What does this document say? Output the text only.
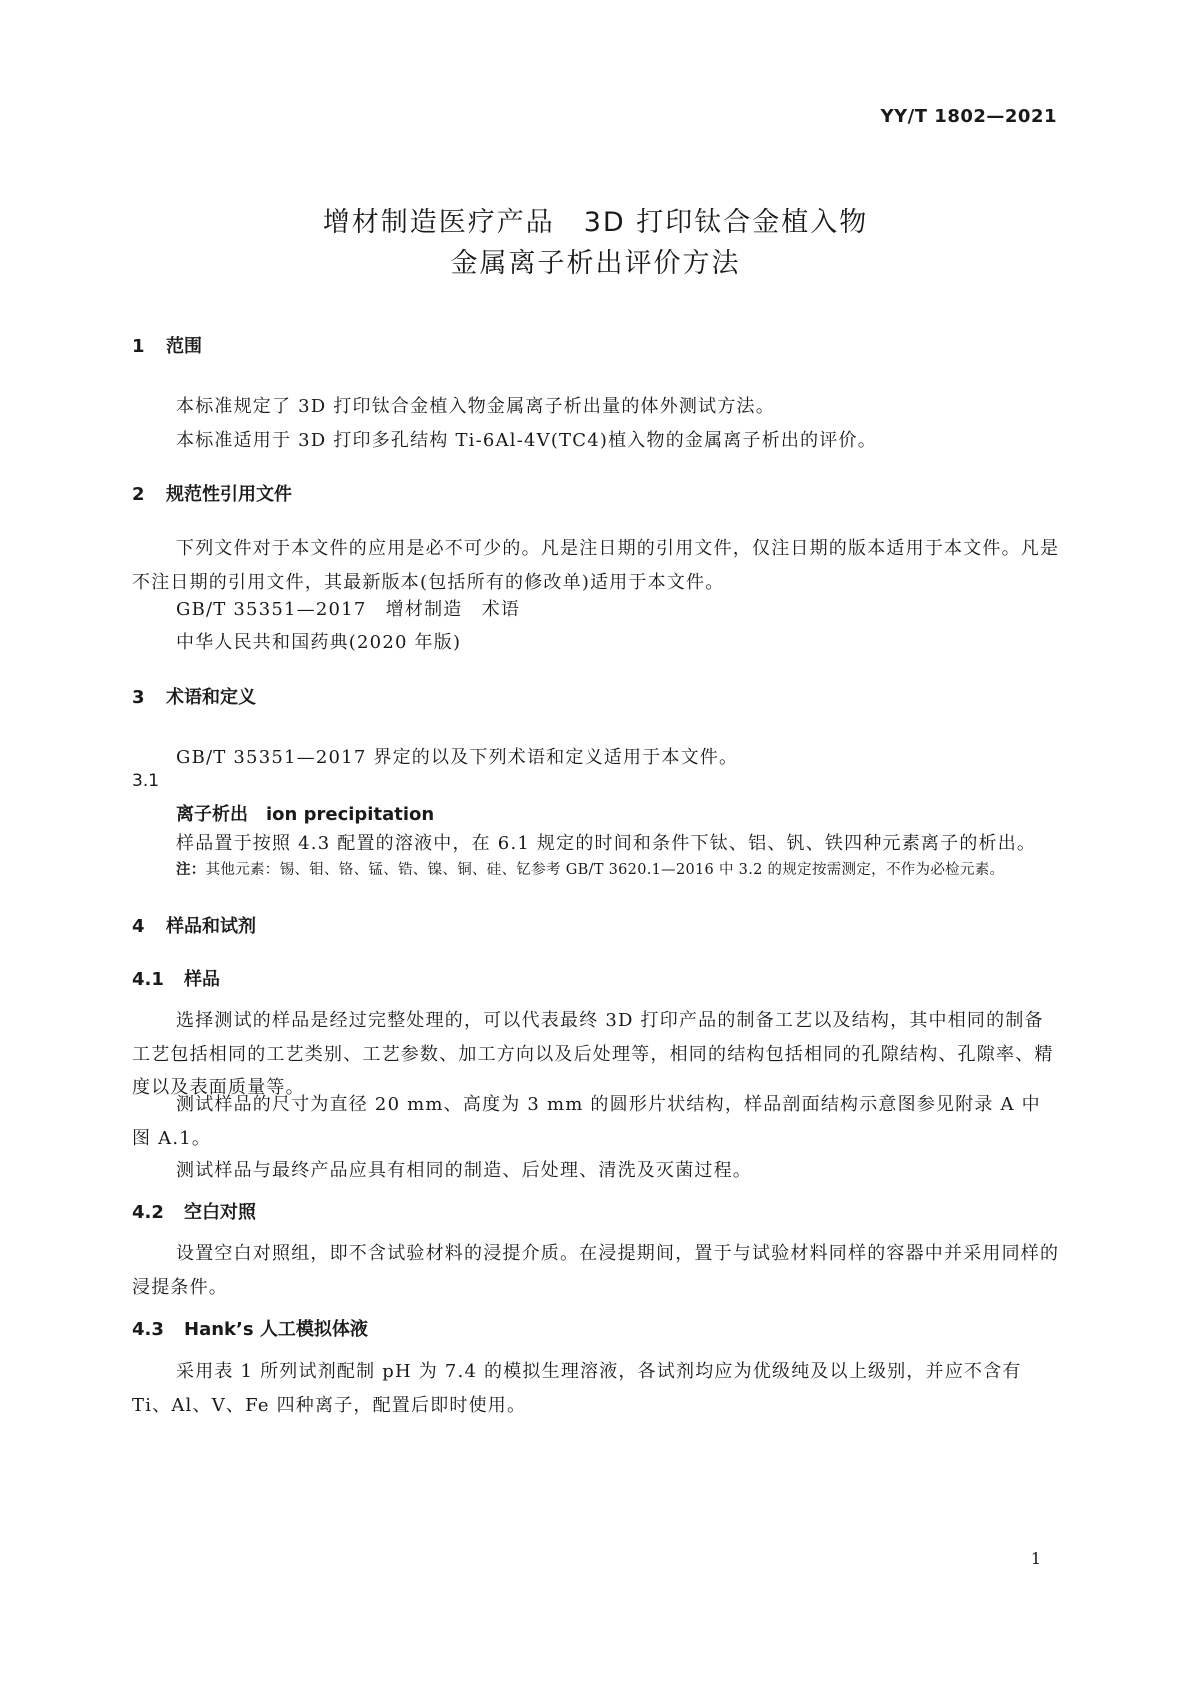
YY/T 1802—2021
增材制造医疗产品　3D 打印钛合金植入物
金属离子析出评价方法
1 范围
本标准规定了 3D 打印钛合金植入物金属离子析出量的体外测试方法。
本标准适用于 3D 打印多孔结构 Ti-6Al-4V(TC4)植入物的金属离子析出的评价。
2 规范性引用文件
下列文件对于本文件的应用是必不可少的。凡是注日期的引用文件，仅注日期的版本适用于本文件。凡是不注日期的引用文件，其最新版本(包括所有的修改单)适用于本文件。
GB/T 35351—2017　增材制造　术语
中华人民共和国药典(2020 年版)
3 术语和定义
GB/T 35351—2017 界定的以及下列术语和定义适用于本文件。
3.1
离子析出　ion precipitation
样品置于按照 4.3 配置的溶液中，在 6.1 规定的时间和条件下钛、铝、钒、铁四种元素离子的析出。
注：其他元素：锡、钼、铬、锰、锆、镍、铜、硅、钇参考 GB/T 3620.1—2016 中 3.2 的规定按需测定，不作为必检元素。
4 样品和试剂
4.1 样品
选择测试的样品是经过完整处理的，可以代表最终 3D 打印产品的制备工艺以及结构，其中相同的制备工艺包括相同的工艺类别、工艺参数、加工方向以及后处理等，相同的结构包括相同的孔隙结构、孔隙率、精度以及表面质量等。
测试样品的尺寸为直径 20 mm、高度为 3 mm 的圆形片状结构，样品剖面结构示意图参见附录 A 中图 A.1。
测试样品与最终产品应具有相同的制造、后处理、清洗及灭菌过程。
4.2 空白对照
设置空白对照组，即不含试验材料的浸提介质。在浸提期间，置于与试验材料同样的容器中并采用同样的浸提条件。
4.3 Hank’s 人工模拟体液
采用表 1 所列试剂配制 pH 为 7.4 的模拟生理溶液，各试剂均应为优级纯及以上级别，并应不含有 Ti、Al、V、Fe 四种离子，配置后即时使用。
1
